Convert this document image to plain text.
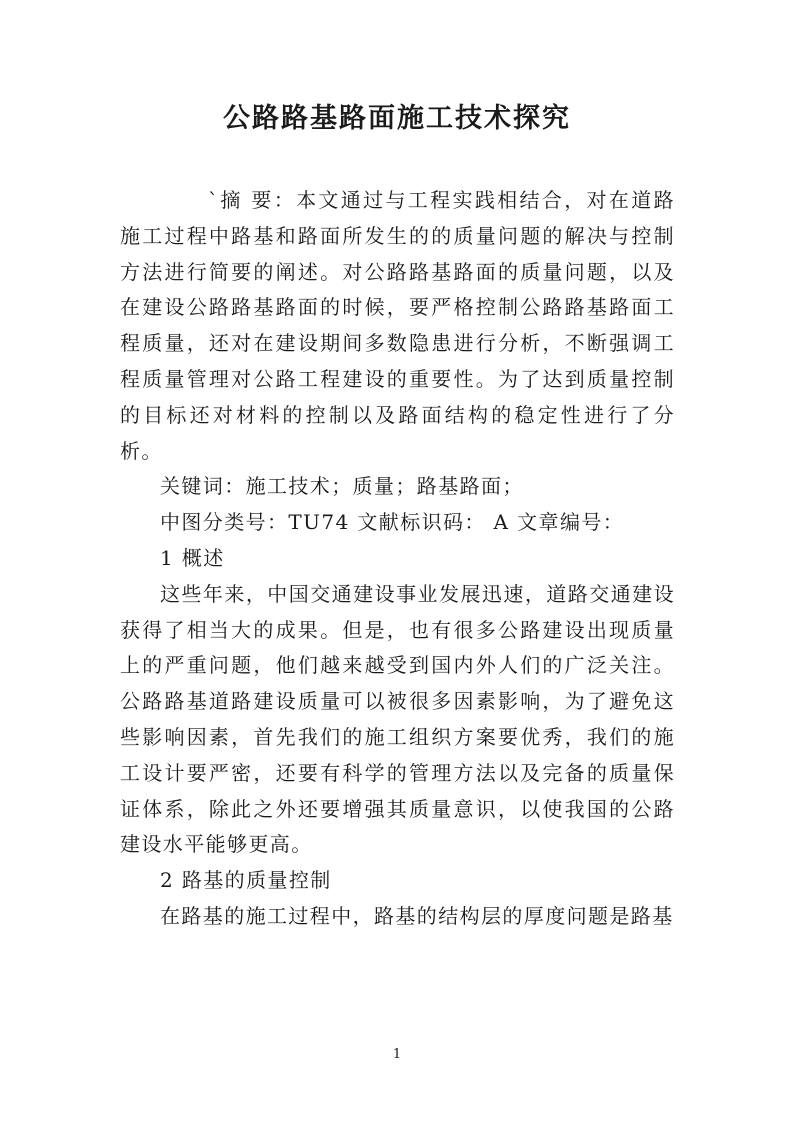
公路路基路面施工技术探究

`摘 要：本文通过与工程实践相结合，对在道路施工过程中路基和路面所发生的的质量问题的解决与控制方法进行简要的阐述。对公路路基路面的质量问题，以及在建设公路路基路面的时候，要严格控制公路路基路面工程质量，还对在建设期间多数隐患进行分析，不断强调工程质量管理对公路工程建设的重要性。为了达到质量控制的目标还对材料的控制以及路面结构的稳定性进行了分析。

关键词：施工技术；质量；路基路面；

中图分类号：TU74 文献标识码： A 文章编号：

1 概述

这些年来，中国交通建设事业发展迅速，道路交通建设获得了相当大的成果。但是，也有很多公路建设出现质量上的严重问题，他们越来越受到国内外人们的广泛关注。公路路基道路建设质量可以被很多因素影响，为了避免这些影响因素，首先我们的施工组织方案要优秀，我们的施工设计要严密，还要有科学的管理方法以及完备的质量保证体系，除此之外还要增强其质量意识，以使我国的公路建设水平能够更高。

2 路基的质量控制

在路基的施工过程中，路基的结构层的厚度问题是路基

1
